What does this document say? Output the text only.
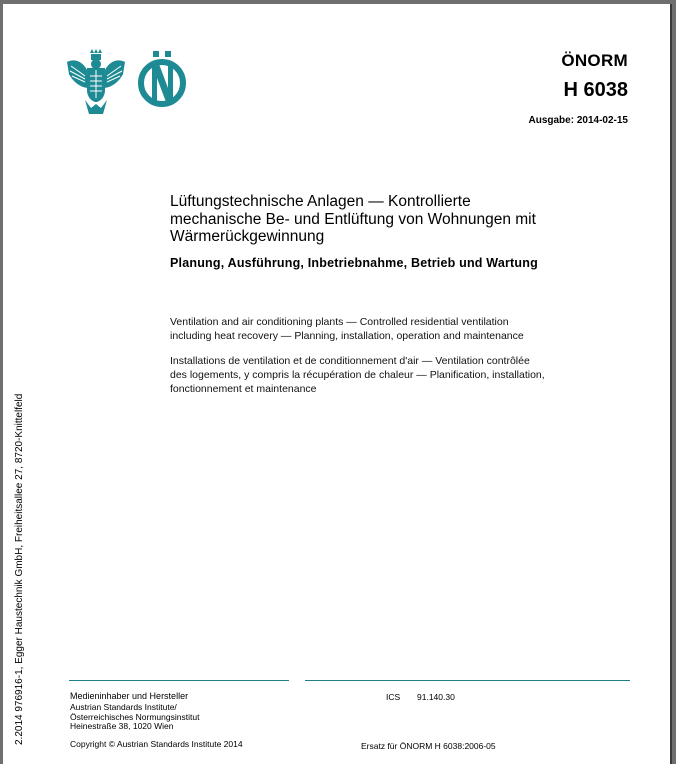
ÖNORM
H 6038
Ausgabe: 2014-02-15
Lüftungstechnische Anlagen — Kontrollierte
mechanische Be- und Entlüftung von Wohnungen mit
Wärmerückgewinnung
Planung, Ausführung, Inbetriebnahme, Betrieb und Wartung
Ventilation and air conditioning plants — Controlled residential ventilation
including heat recovery — Planning, installation, operation and maintenance
Installations de ventilation et de conditionnement d'air — Ventilation contrôlée
des logements, y compris la récupération de chaleur — Planification, installation,
fonctionnement et maintenance
2.2014 976916-1, Egger Haustechnik GmbH, Freiheitsallee 27, 8720-Knittelfeld	Medieninhaber und Hersteller
Austrian Standards Institute/
Österreichisches Normungsinstitut
Heinestraße 38, 1020 Wien
ICS 91.140.30
Copyright © Austrian Standards Institute 2014	Ersatz für ÖNORM H 6038:2006-05
